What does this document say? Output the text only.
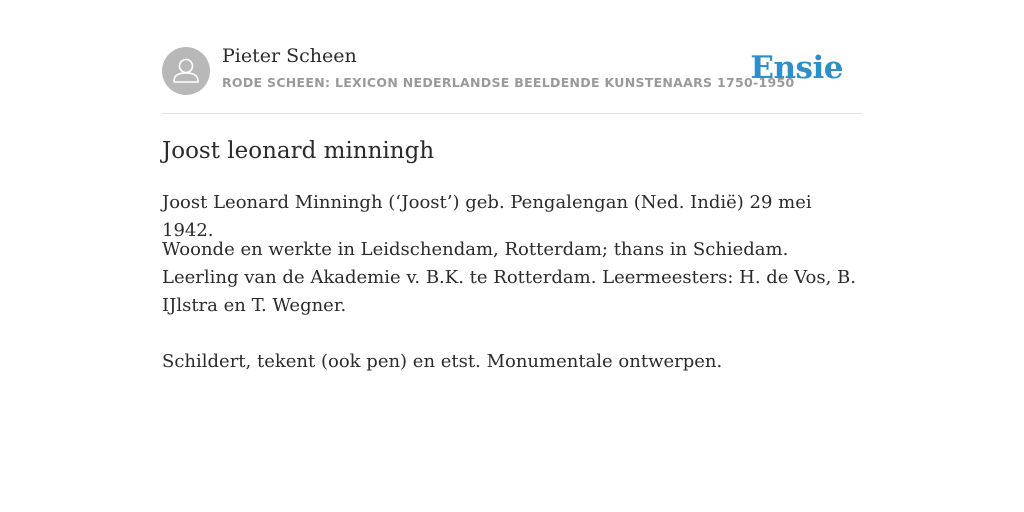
Pieter Scheen
RODE SCHEEN: LEXICON NEDERLANDSE BEELDENDE KUNSTENAARS 1750-1950
Ensie
Joost leonard minningh

Joost Leonard Minningh (‘Joost’) geb. Pengalengan (Ned. Indië) 29 mei 1942.

Woonde en werkte in Leidschendam, Rotterdam; thans in Schiedam. Leerling van de Akademie v. B.K. te Rotterdam. Leermeesters: H. de Vos, B. IJlstra en T. Wegner.

Schildert, tekent (ook pen) en etst. Monumentale ontwerpen.
